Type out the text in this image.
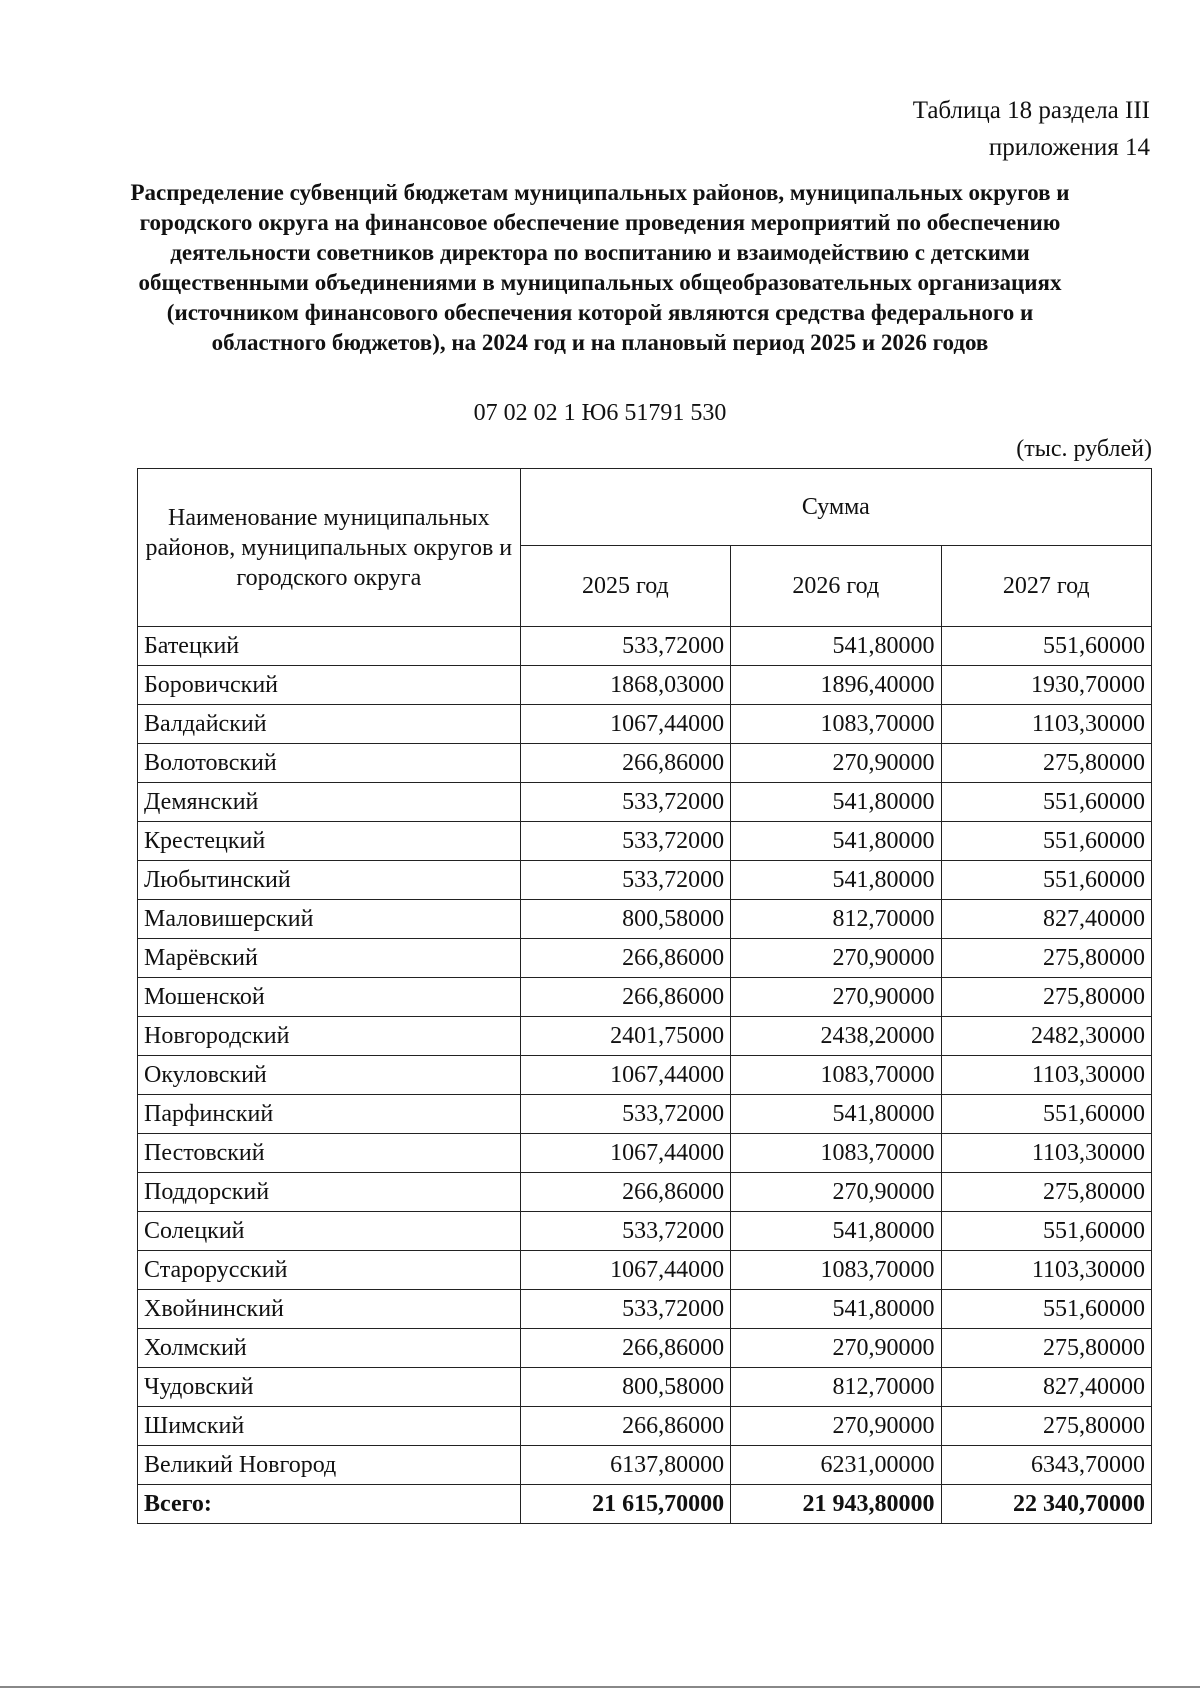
Таблица 18 раздела III
приложения 14
Распределение субвенций бюджетам муниципальных районов, муниципальных округов и городского округа на финансовое обеспечение проведения мероприятий по обеспечению деятельности советников директора по воспитанию и взаимодействию с детскими общественными объединениями в муниципальных общеобразовательных организациях (источником финансового обеспечения которой являются средства федерального и областного бюджетов), на 2024 год и на плановый период 2025 и 2026 годов
07 02 02 1 Ю6 51791 530
(тыс. рублей)
Наименование муниципальных районов, муниципальных округов и городского округа	Сумма		
	2025 год	2026 год	2027 год
Батецкий	533,72000	541,80000	551,60000
Боровичский	1868,03000	1896,40000	1930,70000
Валдайский	1067,44000	1083,70000	1103,30000
Волотовский	266,86000	270,90000	275,80000
Демянский	533,72000	541,80000	551,60000
Крестецкий	533,72000	541,80000	551,60000
Любытинский	533,72000	541,80000	551,60000
Маловишерский	800,58000	812,70000	827,40000
Марёвский	266,86000	270,90000	275,80000
Мошенской	266,86000	270,90000	275,80000
Новгородский	2401,75000	2438,20000	2482,30000
Окуловский	1067,44000	1083,70000	1103,30000
Парфинский	533,72000	541,80000	551,60000
Пестовский	1067,44000	1083,70000	1103,30000
Поддорский	266,86000	270,90000	275,80000
Солецкий	533,72000	541,80000	551,60000
Старорусский	1067,44000	1083,70000	1103,30000
Хвойнинский	533,72000	541,80000	551,60000
Холмский	266,86000	270,90000	275,80000
Чудовский	800,58000	812,70000	827,40000
Шимский	266,86000	270,90000	275,80000
Великий Новгород	6137,80000	6231,00000	6343,70000
Всего:	21 615,70000	21 943,80000	22 340,70000
